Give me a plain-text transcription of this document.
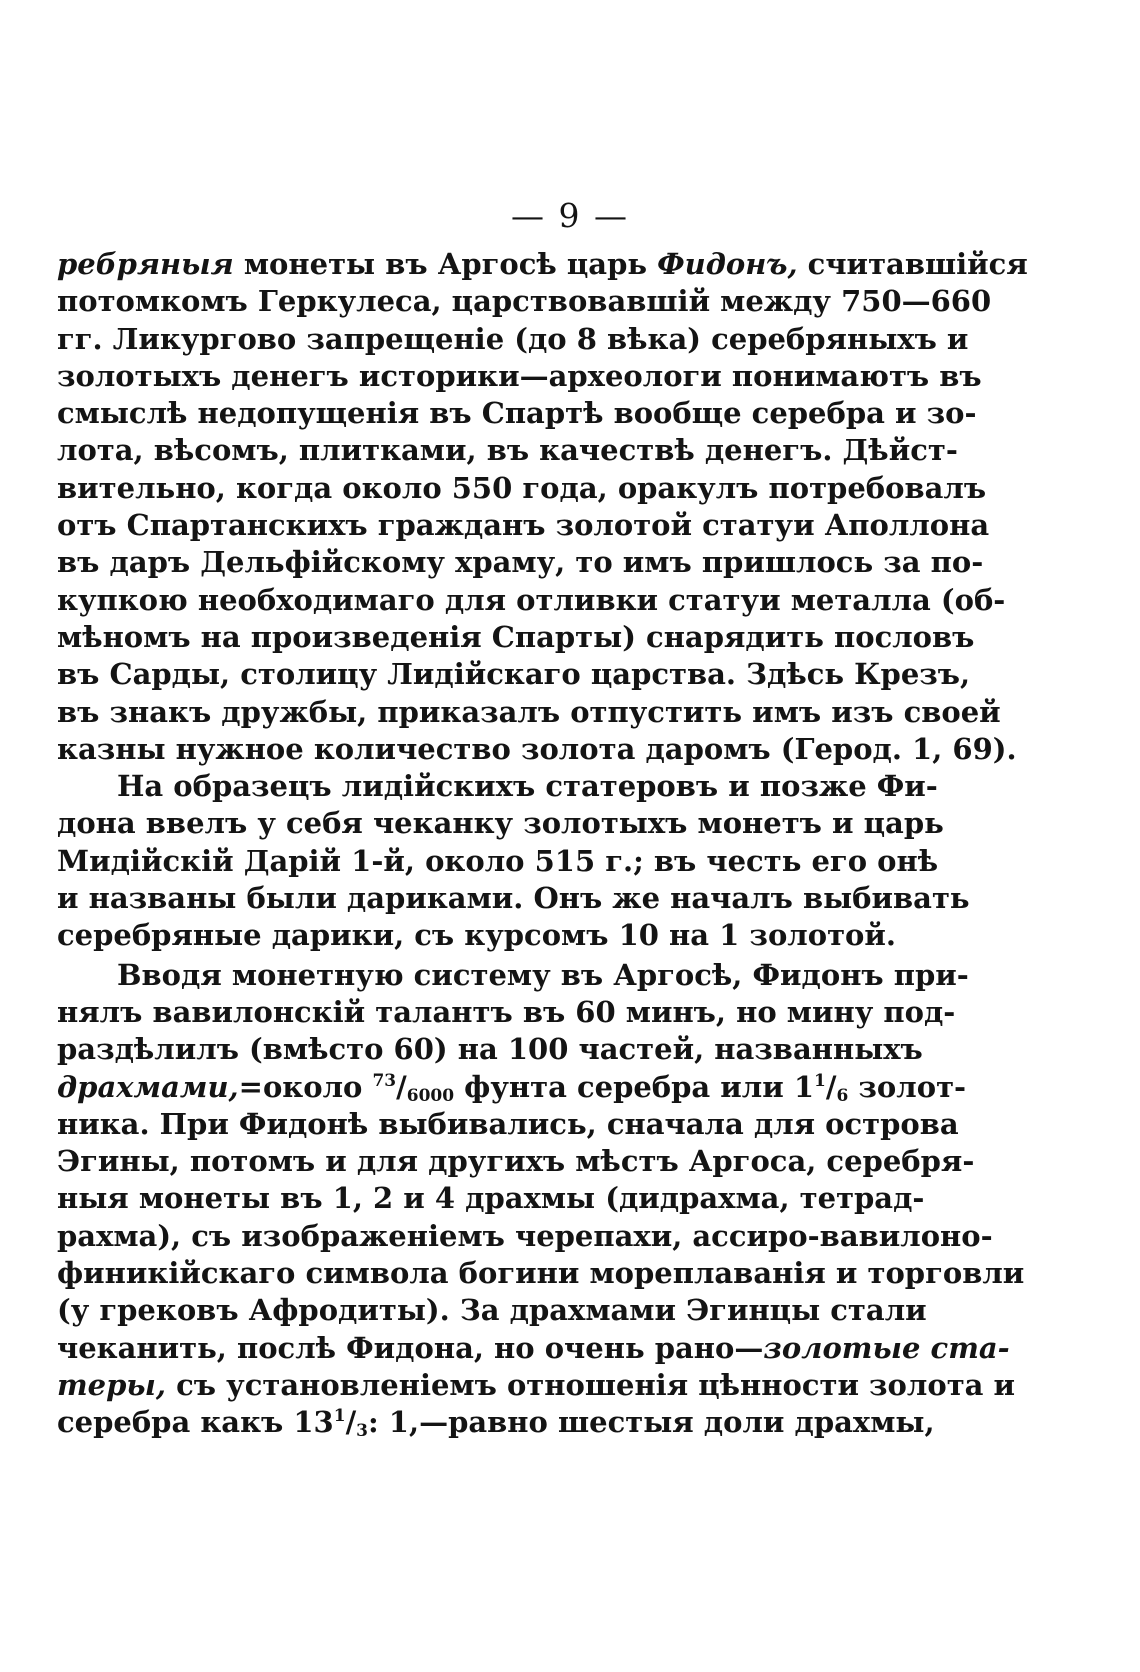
— 9 —
ребряныя монеты въ Аргосѣ царь Фидонъ, считавшійся
потомкомъ Геркулеса, царствовавшій между 750—660
гг. Ликургово запрещеніе (до 8 вѣка) серебряныхъ и
золотыхъ денегъ историки—археологи понимаютъ въ
смыслѣ недопущенія въ Спартѣ вообще серебра и зо-
лота, вѣсомъ, плитками, въ качествѣ денегъ. Дѣйст-
вительно, когда около 550 года, оракулъ потребовалъ
отъ Спартанскихъ гражданъ золотой статуи Аполлона
въ даръ Дельфійскому храму, то имъ пришлось за по-
купкою необходимаго для отливки статуи металла (об-
мѣномъ на произведенія Спарты) снарядить пословъ
въ Сарды, столицу Лидійскаго царства. Здѣсь Крезъ,
въ знакъ дружбы, приказалъ отпустить имъ изъ своей
казны нужное количество золота даромъ (Герод. 1, 69).
На образецъ лидійскихъ статеровъ и позже Фи-
дона ввелъ у себя чеканку золотыхъ монетъ и царь
Мидійскій Дарій 1-й, около 515 г.; въ честь его онѣ
и названы были дариками. Онъ же началъ выбивать
серебряные дарики, съ курсомъ 10 на 1 золотой.
Вводя монетную систему въ Аргосѣ, Фидонъ при-
нялъ вавилонскій талантъ въ 60 минъ, но мину под-
раздѣлилъ (вмѣсто 60) на 100 частей, названныхъ
драхмами,=около $^{73}/_{6000}$ фунта серебра или $1^1/_6$ золот-
ника. При Фидонѣ выбивались, сначала для острова
Эгины, потомъ и для другихъ мѣстъ Аргоса, серебря-
ныя монеты въ 1, 2 и 4 драхмы (дидрахма, тетрад-
рахма), съ изображеніемъ черепахи, ассиро-вавилоно-
финикійскаго символа богини мореплаванія и торговли
(у грековъ Афродиты). За драхмами Эгинцы стали
чеканить, послѣ Фидона, но очень рано—золотые ста-
теры, съ установленіемъ отношенія цѣнности золота и
серебра какъ $13^1/_3$: 1,—равно шестыя доли драхмы,
